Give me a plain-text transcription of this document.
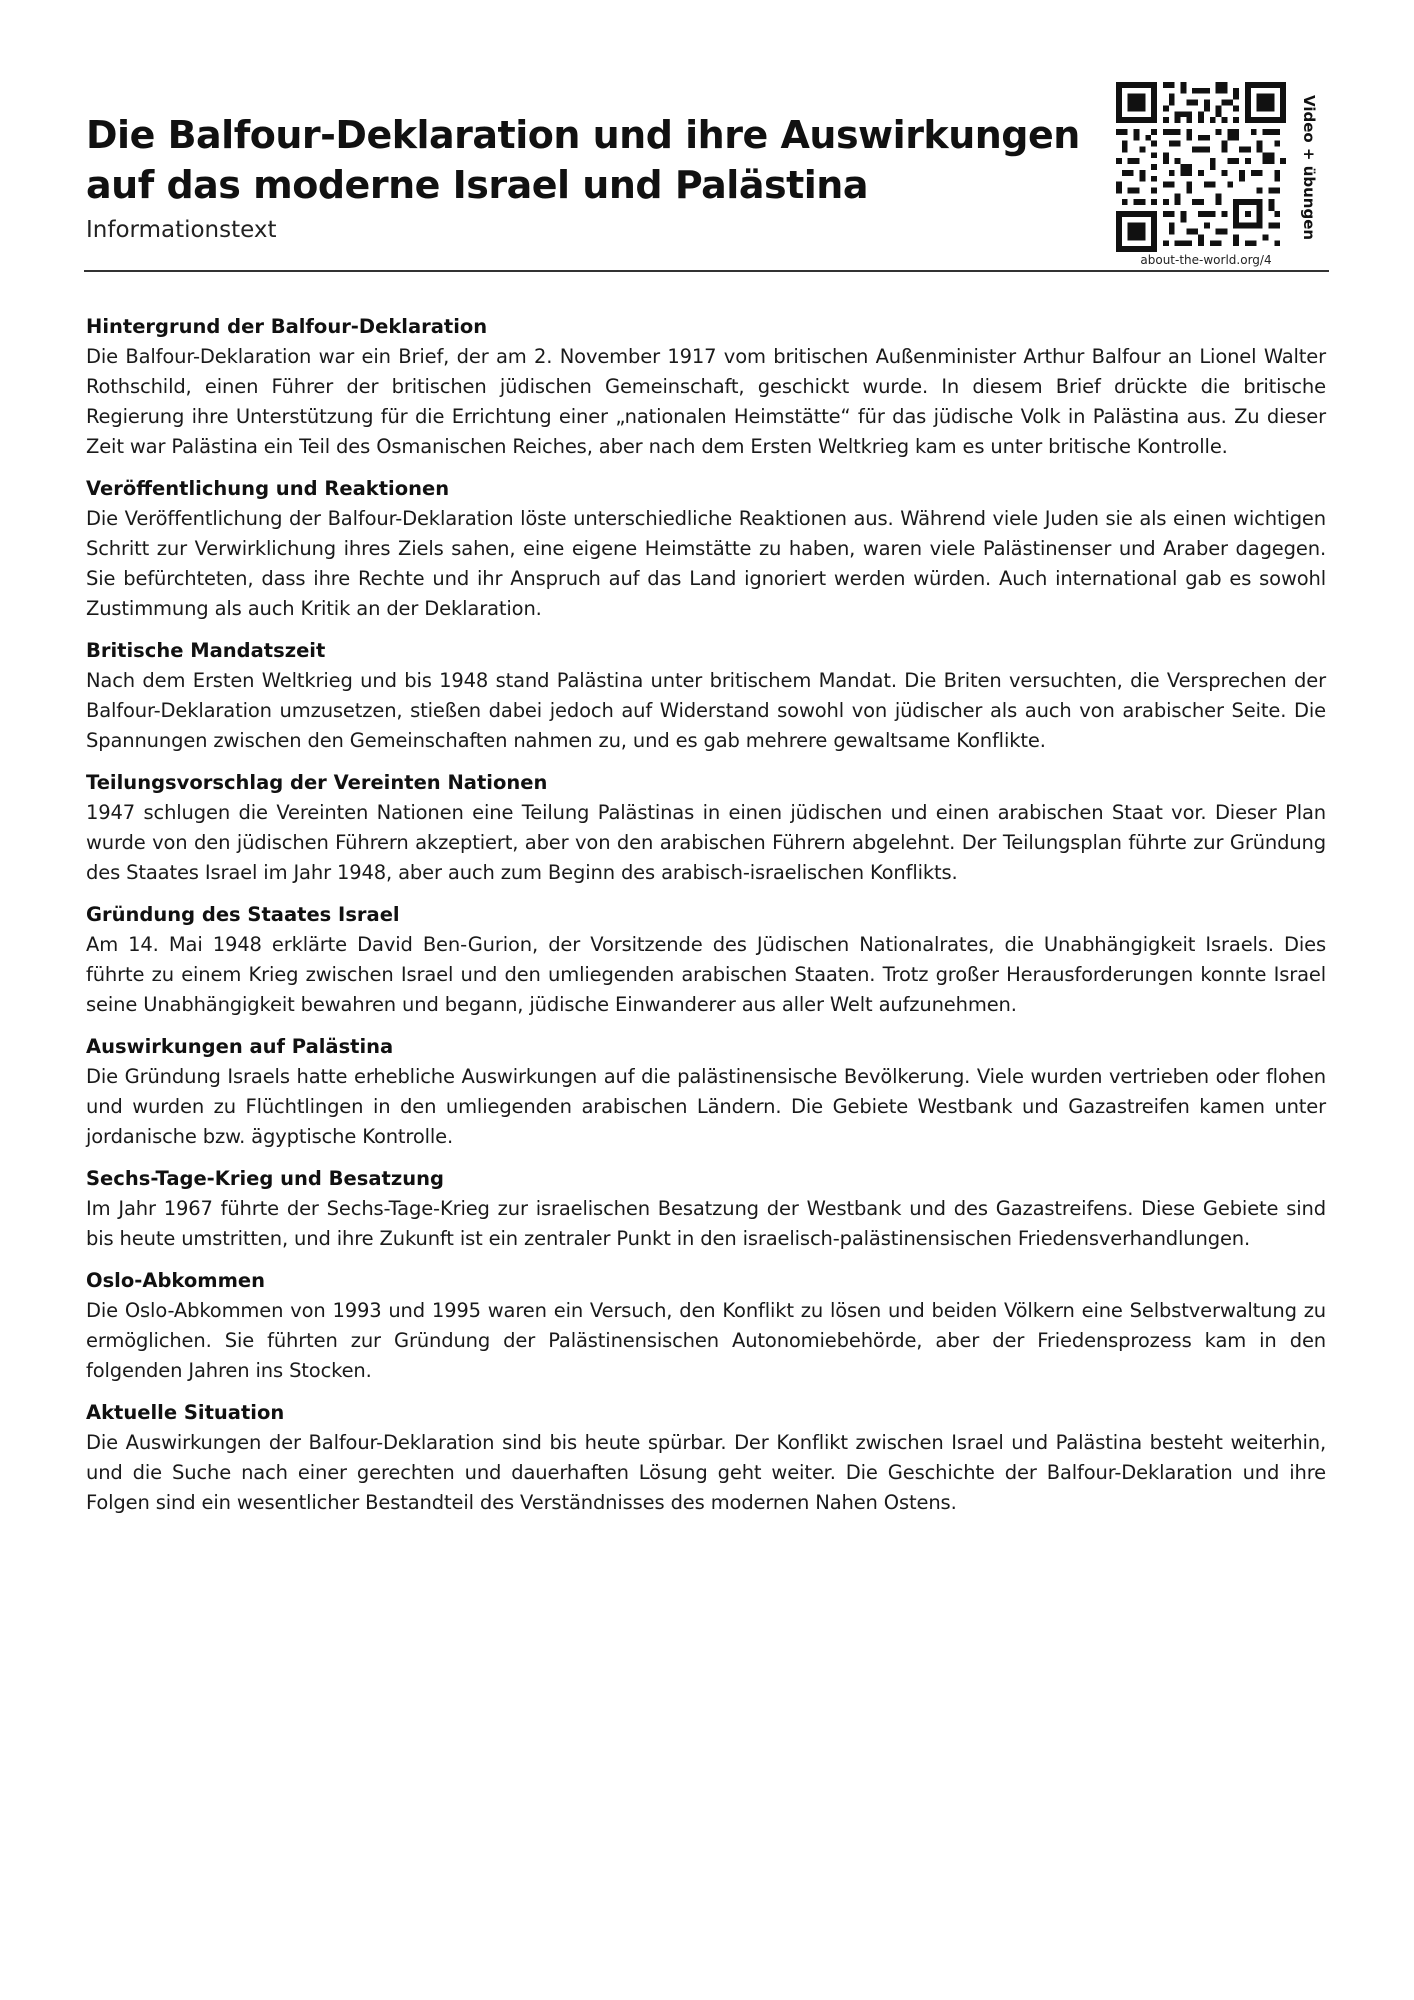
Die Balfour-Deklaration und ihre Auswirkungen
auf das moderne Israel und Palästina
Informationstext	Video + übungen
about-the-world.org/4
Hintergrund der Balfour-Deklaration

Die Balfour-Deklaration war ein Brief, der am 2. November 1917 vom britischen Außenminister Arthur Balfour an Lionel Walter Rothschild, einen Führer der britischen jüdischen Gemeinschaft, geschickt wurde. In diesem Brief drückte die britische Regierung ihre Unterstützung für die Errichtung einer „nationalen Heimstätte“ für das jüdische Volk in Palästina aus. Zu dieser Zeit war Palästina ein Teil des Osmanischen Reiches, aber nach dem Ersten Weltkrieg kam es unter britische Kontrolle.

Veröffentlichung und Reaktionen

Die Veröffentlichung der Balfour-Deklaration löste unterschiedliche Reaktionen aus. Während viele Juden sie als einen wichtigen Schritt zur Verwirklichung ihres Ziels sahen, eine eigene Heimstätte zu haben, waren viele Palästinenser und Araber dagegen. Sie befürchteten, dass ihre Rechte und ihr Anspruch auf das Land ignoriert werden würden. Auch international gab es sowohl Zustimmung als auch Kritik an der Deklaration.

Britische Mandatszeit

Nach dem Ersten Weltkrieg und bis 1948 stand Palästina unter britischem Mandat. Die Briten versuchten, die Versprechen der Balfour-Deklaration umzusetzen, stießen dabei jedoch auf Widerstand sowohl von jüdischer als auch von arabischer Seite. Die Spannungen zwischen den Gemeinschaften nahmen zu, und es gab mehrere gewaltsame Konflikte.

Teilungsvorschlag der Vereinten Nationen

1947 schlugen die Vereinten Nationen eine Teilung Palästinas in einen jüdischen und einen arabischen Staat vor. Dieser Plan wurde von den jüdischen Führern akzeptiert, aber von den arabischen Führern abgelehnt. Der Teilungsplan führte zur Gründung des Staates Israel im Jahr 1948, aber auch zum Beginn des arabisch-israelischen Konflikts.

Gründung des Staates Israel

Am 14. Mai 1948 erklärte David Ben-Gurion, der Vorsitzende des Jüdischen Nationalrates, die Unabhängigkeit Israels. Dies führte zu einem Krieg zwischen Israel und den umliegenden arabischen Staaten. Trotz großer Herausforderungen konnte Israel seine Unabhängigkeit bewahren und begann, jüdische Einwanderer aus aller Welt aufzunehmen.

Auswirkungen auf Palästina

Die Gründung Israels hatte erhebliche Auswirkungen auf die palästinensische Bevölkerung. Viele wurden vertrieben oder flohen und wurden zu Flüchtlingen in den umliegenden arabischen Ländern. Die Gebiete Westbank und Gazastreifen kamen unter jordanische bzw. ägyptische Kontrolle.

Sechs-Tage-Krieg und Besatzung

Im Jahr 1967 führte der Sechs-Tage-Krieg zur israelischen Besatzung der Westbank und des Gazastreifens. Diese Gebiete sind bis heute umstritten, und ihre Zukunft ist ein zentraler Punkt in den israelisch-palästinensischen Friedensverhandlungen.

Oslo-Abkommen

Die Oslo-Abkommen von 1993 und 1995 waren ein Versuch, den Konflikt zu lösen und beiden Völkern eine Selbstverwaltung zu ermöglichen. Sie führten zur Gründung der Palästinensischen Autonomiebehörde, aber der Friedensprozess kam in den folgenden Jahren ins Stocken.

Aktuelle Situation

Die Auswirkungen der Balfour-Deklaration sind bis heute spürbar. Der Konflikt zwischen Israel und Palästina besteht weiterhin, und die Suche nach einer gerechten und dauerhaften Lösung geht weiter. Die Geschichte der Balfour-Deklaration und ihre Folgen sind ein wesentlicher Bestandteil des Verständnisses des modernen Nahen Ostens.
